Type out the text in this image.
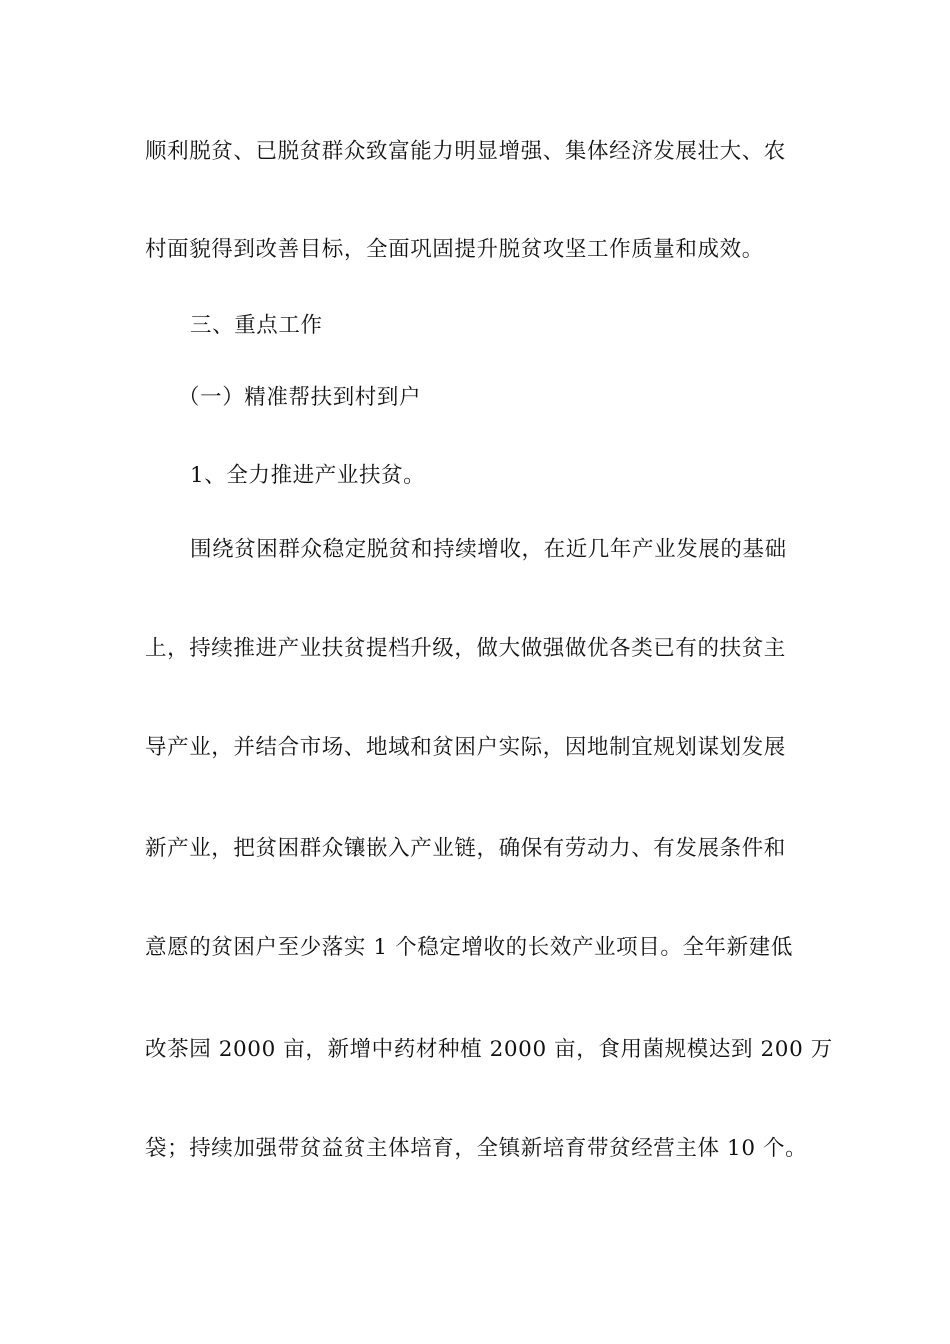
顺利脱贫、已脱贫群众致富能力明显增强、集体经济发展壮大、农
村面貌得到改善目标，全面巩固提升脱贫攻坚工作质量和成效。
三、重点工作
（一）精准帮扶到村到户
1、全力推进产业扶贫。
围绕贫困群众稳定脱贫和持续增收，在近几年产业发展的基础
上，持续推进产业扶贫提档升级，做大做强做优各类已有的扶贫主
导产业，并结合市场、地域和贫困户实际，因地制宜规划谋划发展
新产业，把贫困群众镶嵌入产业链，确保有劳动力、有发展条件和
意愿的贫困户至少落实 1 个稳定增收的长效产业项目。全年新建低
改茶园 2000 亩，新增中药材种植 2000 亩，食用菌规模达到 200 万
袋；持续加强带贫益贫主体培育，全镇新培育带贫经营主体 10 个。
